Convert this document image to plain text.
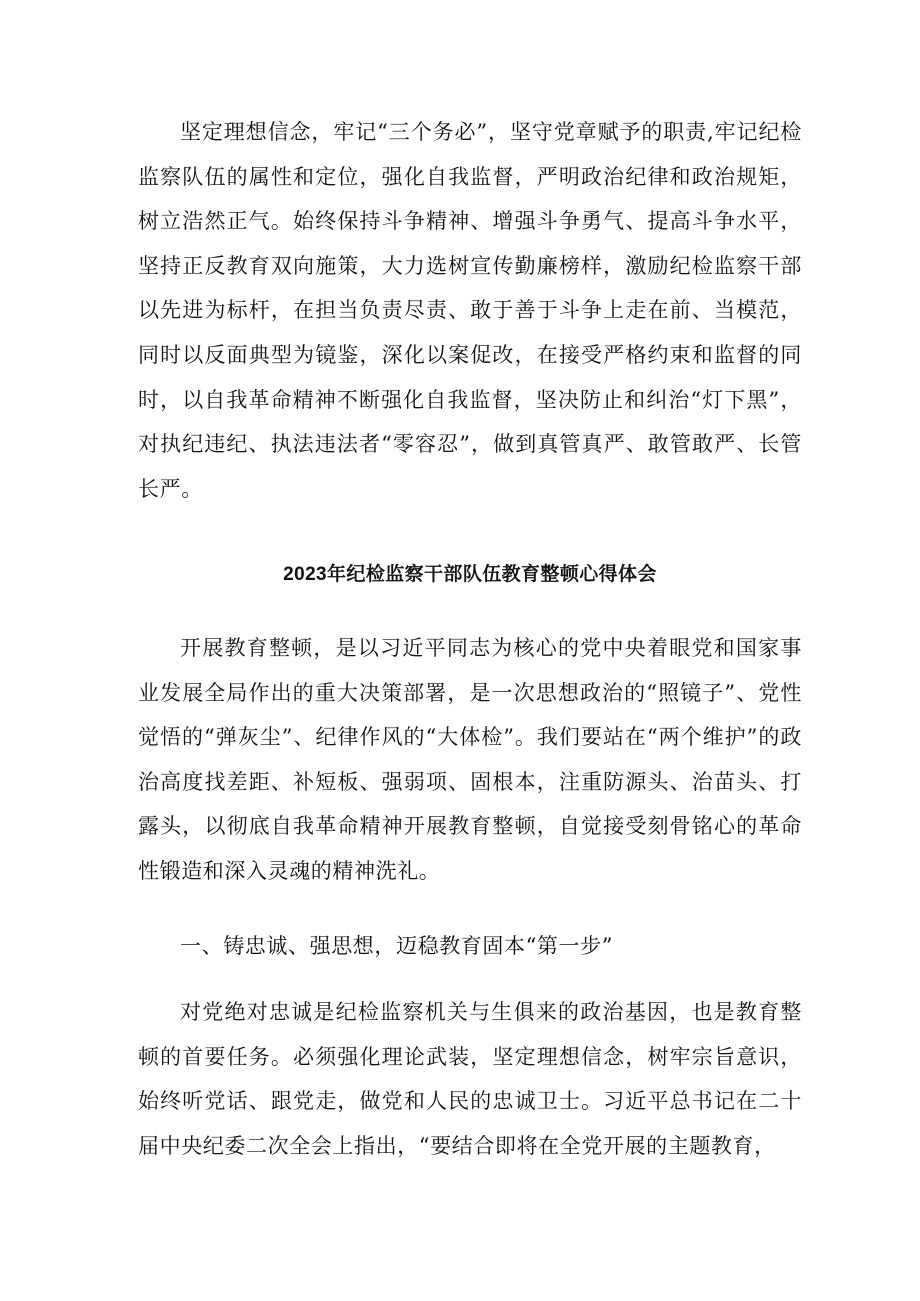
坚定理想信念，牢记“三个务必”，坚守党章赋予的职责,牢记纪检监察队伍的属性和定位，强化自我监督，严明政治纪律和政治规矩，树立浩然正气。始终保持斗争精神、增强斗争勇气、提高斗争水平，坚持正反教育双向施策，大力选树宣传勤廉榜样，激励纪检监察干部以先进为标杆，在担当负责尽责、敢于善于斗争上走在前、当模范，同时以反面典型为镜鉴，深化以案促改，在接受严格约束和监督的同时，以自我革命精神不断强化自我监督，坚决防止和纠治“灯下黑”，对执纪违纪、执法违法者“零容忍”，做到真管真严、敢管敢严、长管长严。

2023年纪检监察干部队伍教育整顿心得体会

开展教育整顿，是以习近平同志为核心的党中央着眼党和国家事业发展全局作出的重大决策部署，是一次思想政治的“照镜子”、党性觉悟的“弹灰尘”、纪律作风的“大体检”。我们要站在“两个维护”的政治高度找差距、补短板、强弱项、固根本，注重防源头、治苗头、打露头，以彻底自我革命精神开展教育整顿，自觉接受刻骨铭心的革命性锻造和深入灵魂的精神洗礼。

一、铸忠诚、强思想，迈稳教育固本“第一步”

对党绝对忠诚是纪检监察机关与生俱来的政治基因，也是教育整顿的首要任务。必须强化理论武装，坚定理想信念，树牢宗旨意识，始终听党话、跟党走，做党和人民的忠诚卫士。习近平总书记在二十届中央纪委二次全会上指出，“要结合即将在全党开展的主题教育，
